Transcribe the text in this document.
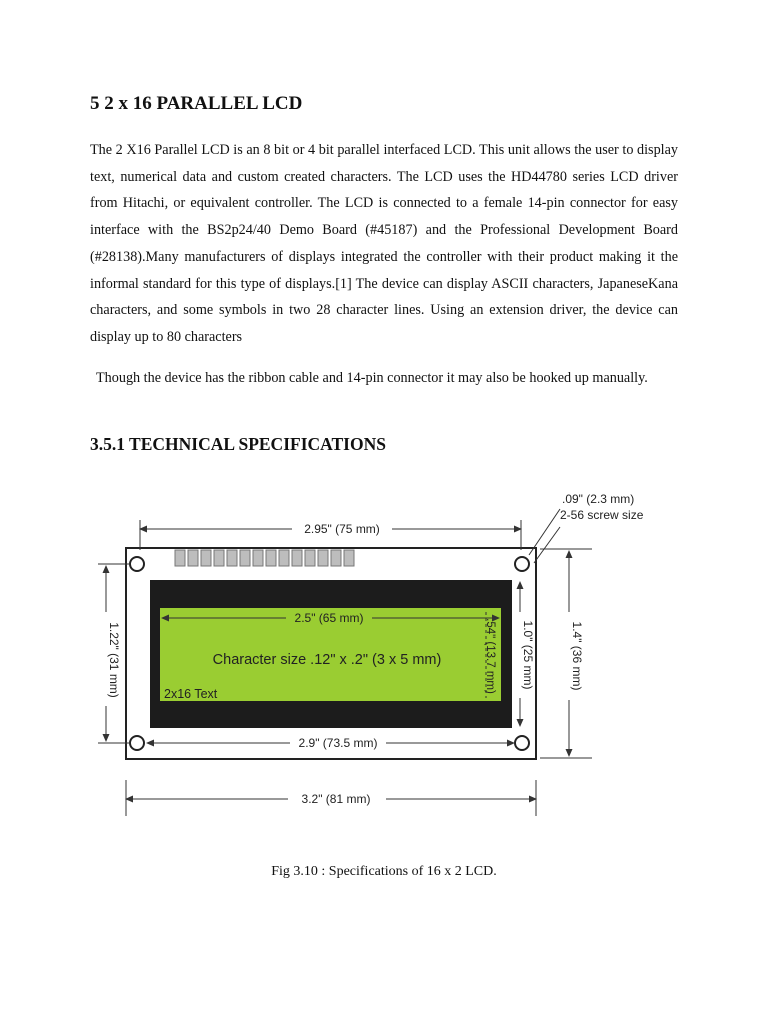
5 2 x 16 PARALLEL LCD

The 2 X16 Parallel LCD is an 8 bit or 4 bit parallel interfaced LCD. This unit allows the user to display text, numerical data and custom created characters. The LCD uses the HD44780 series LCD driver from Hitachi, or equivalent controller. The LCD is connected to a female 14-pin connector for easy interface with the BS2p24/40 Demo Board (#45187) and the Professional Development Board (#28138).Many manufacturers of displays integrated the controller with their product making it the informal standard for this type of displays.[1] The device can display ASCII characters, JapaneseKana characters, and some symbols in two 28 character lines. Using an extension driver, the device can display up to 80 characters

Though the device has the ribbon cable and 14-pin connector it may also be hooked up manually.

3.5.1 TECHNICAL SPECIFICATIONS
2.95" (75 mm)
.09" (2.3 mm)
2-56 screw size
2.5" (65 mm)
Character size .12" x .2" (3 x 5 mm)
2x16 Text
.54" (13.7 mm) 1.0" (25 mm)	1.4" (36 mm)
1.22" (31 mm)
2.9" (73.5 mm)
3.2" (81 mm)
Fig 3.10 : Specifications of 16 x 2 LCD.
